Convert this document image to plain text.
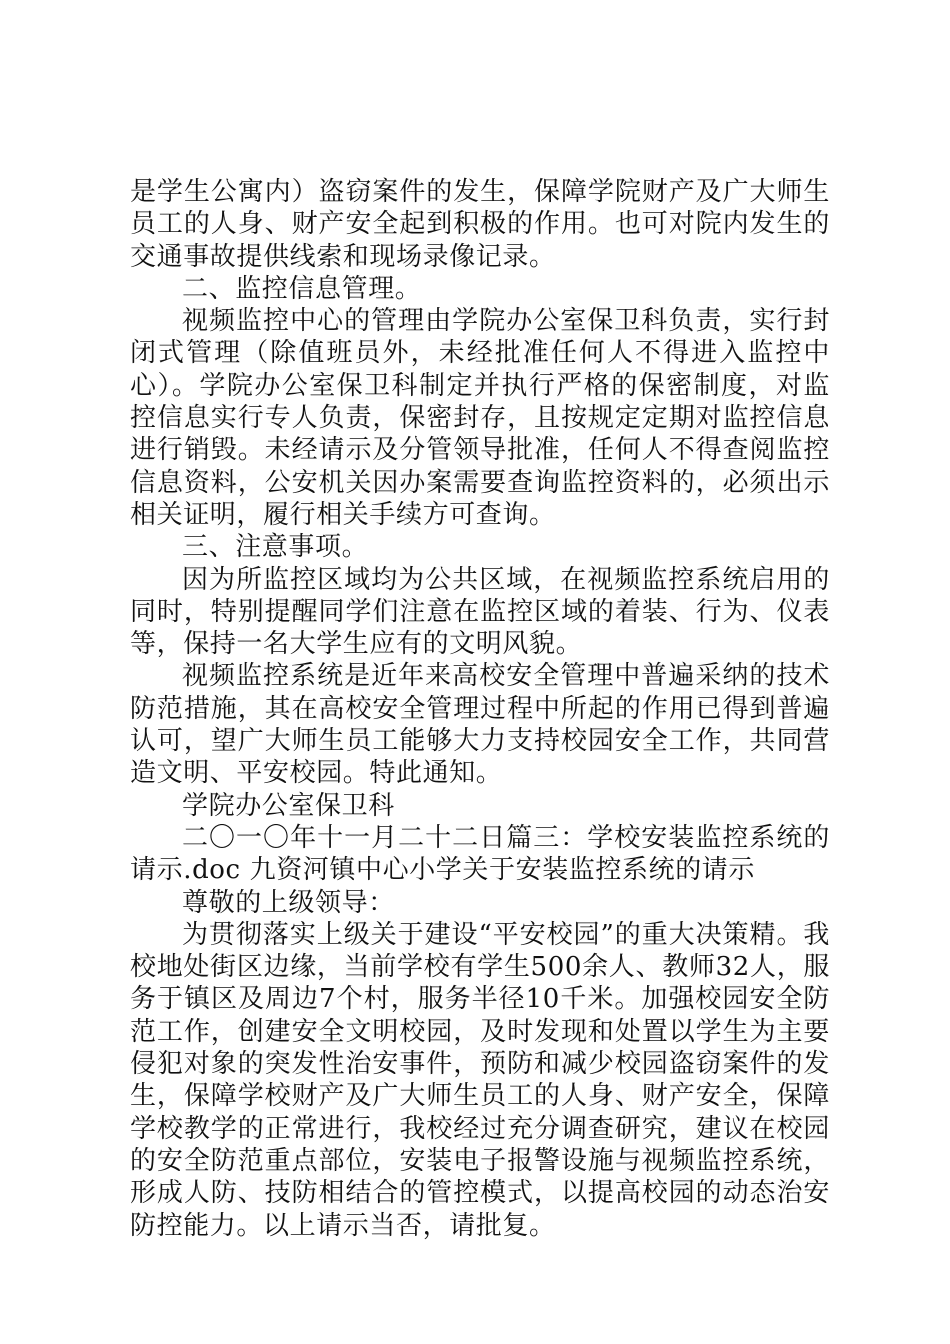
是学生公寓内）盗窃案件的发生，保障学院财产及广大师生员工的人身、财产安全起到积极的作用。也可对院内发生的交通事故提供线索和现场录像记录。

二、监控信息管理。

视频监控中心的管理由学院办公室保卫科负责，实行封闭式管理（除值班员外，未经批准任何人不得进入监控中心）。学院办公室保卫科制定并执行严格的保密制度，对监控信息实行专人负责，保密封存，且按规定定期对监控信息进行销毁。未经请示及分管领导批准，任何人不得查阅监控信息资料，公安机关因办案需要查询监控资料的，必须出示相关证明，履行相关手续方可查询。

三、注意事项。

因为所监控区域均为公共区域，在视频监控系统启用的同时，特别提醒同学们注意在监控区域的着装、行为、仪表等，保持一名大学生应有的文明风貌。

视频监控系统是近年来高校安全管理中普遍采纳的技术防范措施，其在高校安全管理过程中所起的作用已得到普遍认可，望广大师生员工能够大力支持校园安全工作，共同营造文明、平安校园。特此通知。

学院办公室保卫科

二〇一〇年十一月二十二日篇三：学校安装监控系统的请示.doc 九资河镇中心小学关于安装监控系统的请示

尊敬的上级领导：

为贯彻落实上级关于建设“平安校园”的重大决策精。我校地处街区边缘，当前学校有学生500余人、教师32人，服务于镇区及周边7个村，服务半径10千米。加强校园安全防范工作，创建安全文明校园，及时发现和处置以学生为主要侵犯对象的突发性治安事件，预防和减少校园盗窃案件的发生，保障学校财产及广大师生员工的人身、财产安全，保障学校教学的正常进行，我校经过充分调查研究，建议在校园的安全防范重点部位，安装电子报警设施与视频监控系统，形成人防、技防相结合的管控模式，以提高校园的动态治安防控能力。以上请示当否，请批复。
